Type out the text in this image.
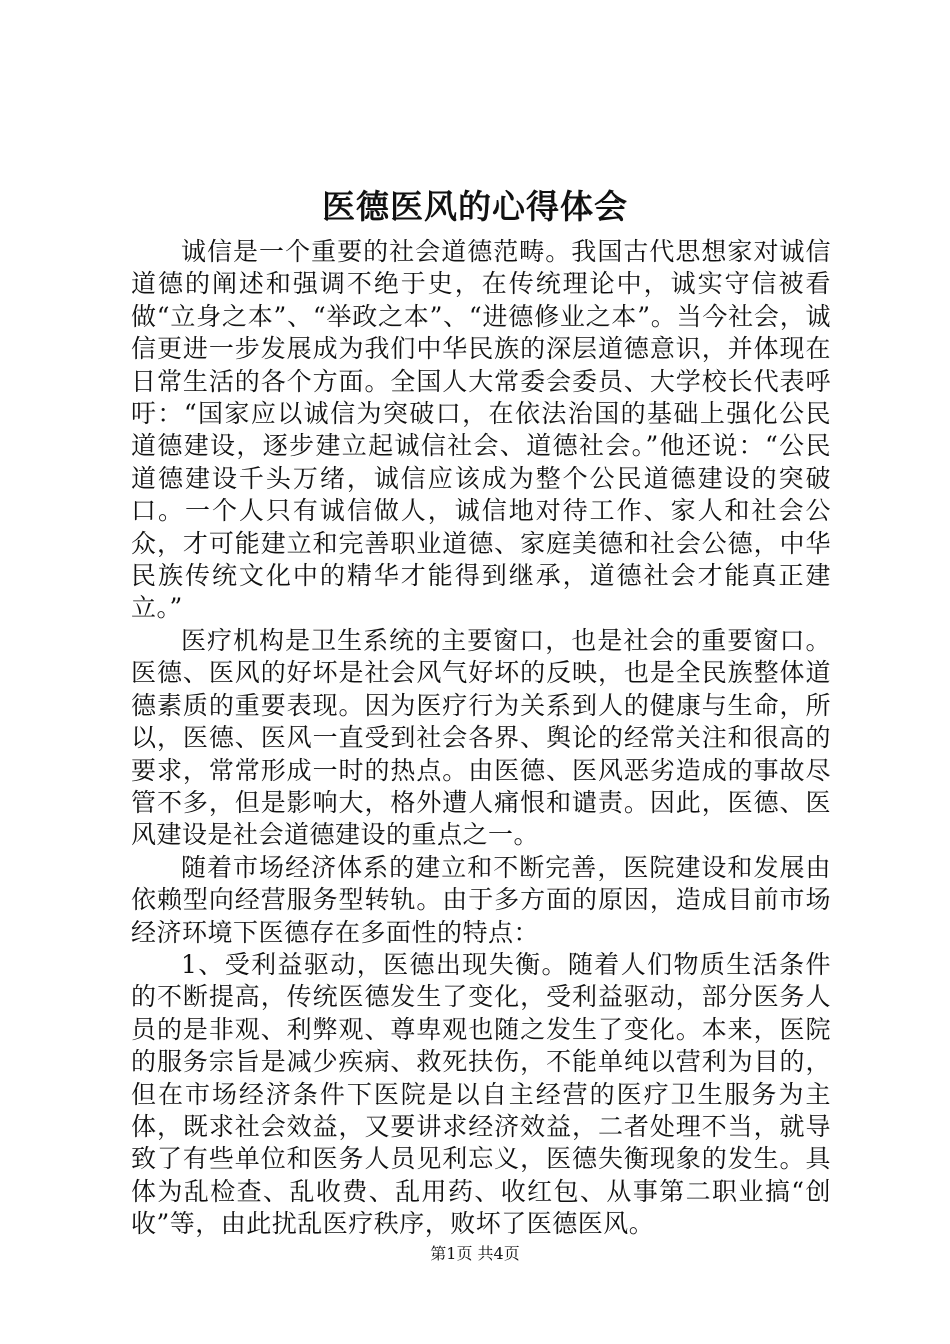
医德医风的心得体会

诚信是一个重要的社会道德范畴。我国古代思想家对诚信道德的阐述和强调不绝于史，在传统理论中，诚实守信被看做“立身之本”、“举政之本”、“进德修业之本”。当今社会，诚信更进一步发展成为我们中华民族的深层道德意识，并体现在日常生活的各个方面。全国人大常委会委员、大学校长代表呼吁：“国家应以诚信为突破口，在依法治国的基础上强化公民道德建设，逐步建立起诚信社会、道德社会。”他还说：“公民道德建设千头万绪，诚信应该成为整个公民道德建设的突破口。一个人只有诚信做人，诚信地对待工作、家人和社会公众，才可能建立和完善职业道德、家庭美德和社会公德，中华民族传统文化中的精华才能得到继承，道德社会才能真正建立。”

医疗机构是卫生系统的主要窗口，也是社会的重要窗口。医德、医风的好坏是社会风气好坏的反映，也是全民族整体道德素质的重要表现。因为医疗行为关系到人的健康与生命，所以，医德、医风一直受到社会各界、舆论的经常关注和很高的要求，常常形成一时的热点。由医德、医风恶劣造成的事故尽管不多，但是影响大，格外遭人痛恨和谴责。因此，医德、医风建设是社会道德建设的重点之一。

随着市场经济体系的建立和不断完善，医院建设和发展由依赖型向经营服务型转轨。由于多方面的原因，造成目前市场经济环境下医德存在多面性的特点：

1、受利益驱动，医德出现失衡。随着人们物质生活条件的不断提高，传统医德发生了变化，受利益驱动，部分医务人员的是非观、利弊观、尊卑观也随之发生了变化。本来，医院的服务宗旨是减少疾病、救死扶伤，不能单纯以营利为目的，但在市场经济条件下医院是以自主经营的医疗卫生服务为主体，既求社会效益，又要讲求经济效益，二者处理不当，就导致了有些单位和医务人员见利忘义，医德失衡现象的发生。具体为乱检查、乱收费、乱用药、收红包、从事第二职业搞“创收”等，由此扰乱医疗秩序，败坏了医德医风。

第1页 共4页
